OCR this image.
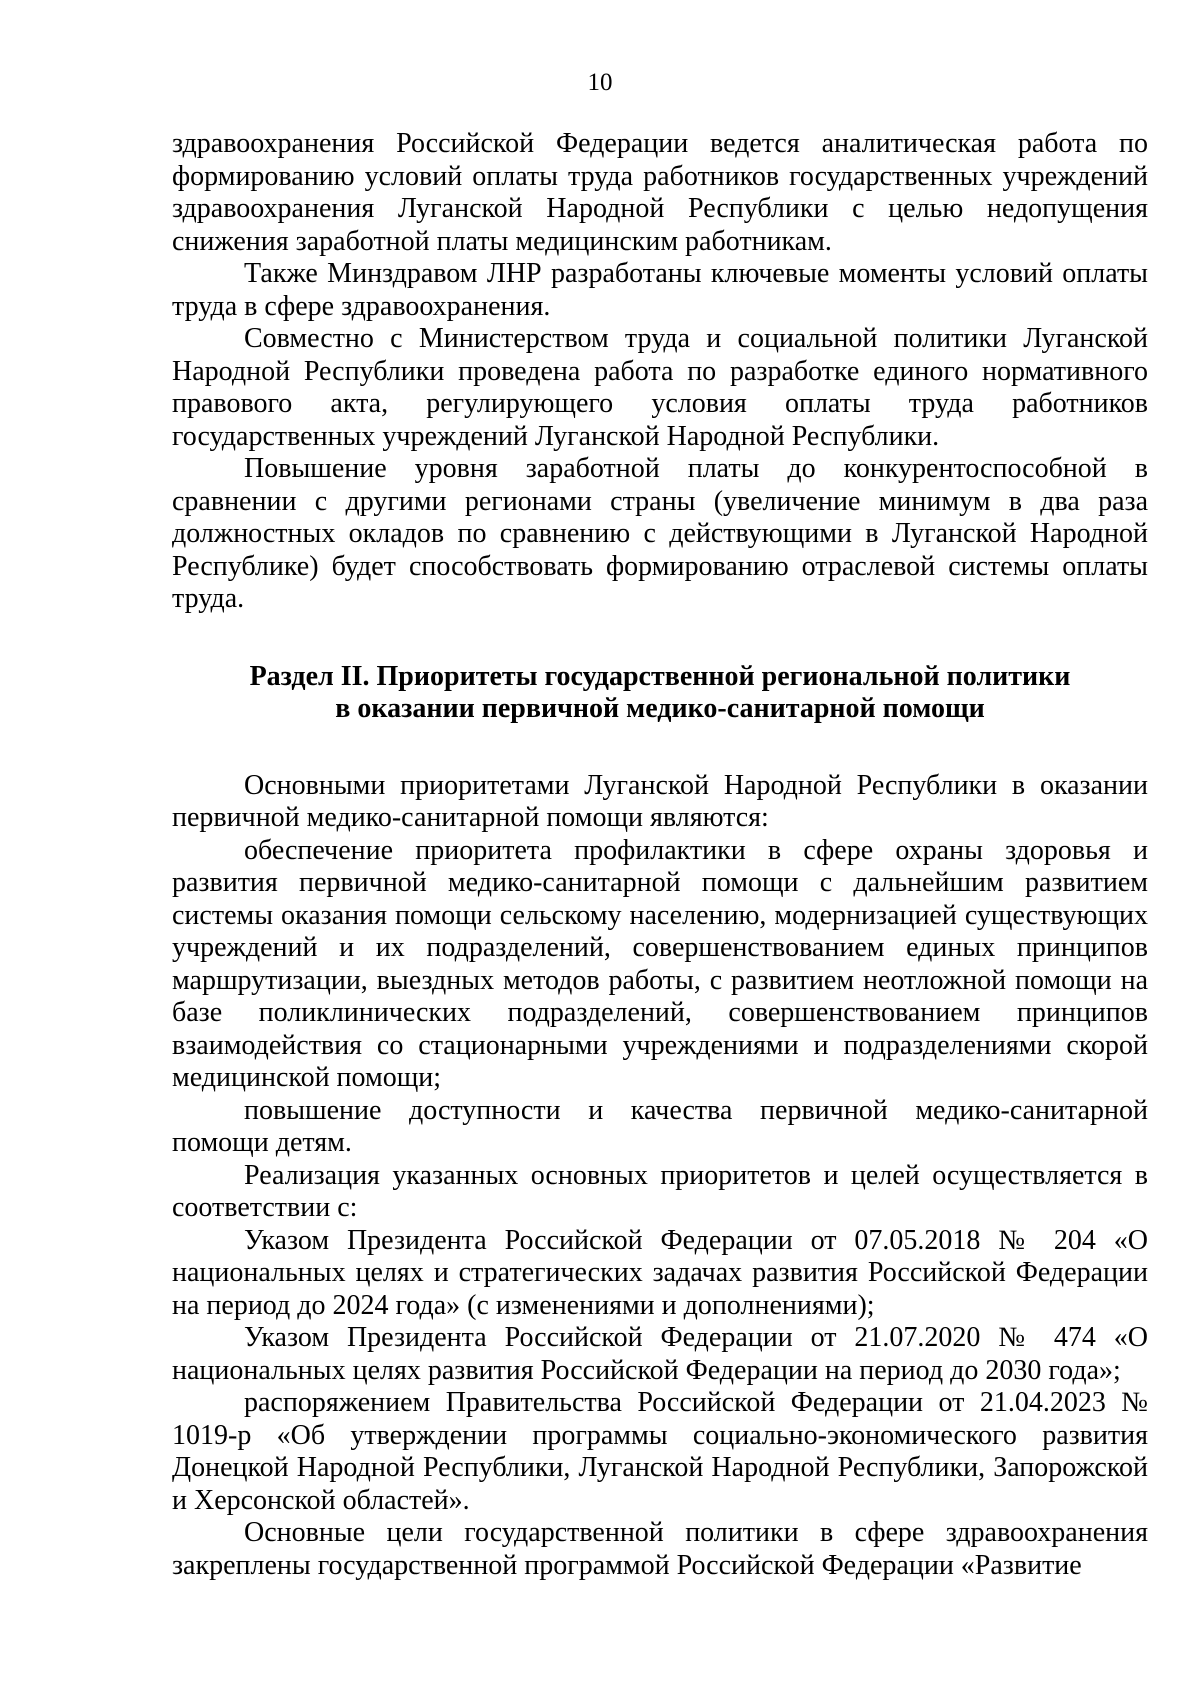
10

здравоохранения Российской Федерации ведется аналитическая работа по формированию условий оплаты труда работников государственных учреждений здравоохранения Луганской Народной Республики с целью недопущения снижения заработной платы медицинским работникам.

Также Минздравом ЛНР разработаны ключевые моменты условий оплаты труда в сфере здравоохранения.

Совместно с Министерством труда и социальной политики Луганской Народной Республики проведена работа по разработке единого нормативного правового акта, регулирующего условия оплаты труда работников государственных учреждений Луганской Народной Республики.

Повышение уровня заработной платы до конкурентоспособной в сравнении с другими регионами страны (увеличение минимум в два раза должностных окладов по сравнению с действующими в Луганской Народной Республике) будет способствовать формированию отраслевой системы оплаты труда.

Раздел II. Приоритеты государственной региональной политики
в оказании первичной медико-санитарной помощи

Основными приоритетами Луганской Народной Республики в оказании первичной медико-санитарной помощи являются:

обеспечение приоритета профилактики в сфере охраны здоровья и развития первичной медико-санитарной помощи с дальнейшим развитием системы оказания помощи сельскому населению, модернизацией существующих учреждений и их подразделений, совершенствованием единых принципов маршрутизации, выездных методов работы, с развитием неотложной помощи на базе поликлинических подразделений, совершенствованием принципов взаимодействия со стационарными учреждениями и подразделениями скорой медицинской помощи;

повышение доступности и качества первичной медико-санитарной помощи детям.

Реализация указанных основных приоритетов и целей осуществляется в соответствии с:

Указом Президента Российской Федерации от 07.05.2018 № 204 «О национальных целях и стратегических задачах развития Российской Федерации на период до 2024 года» (с изменениями и дополнениями);

Указом Президента Российской Федерации от 21.07.2020 № 474 «О национальных целях развития Российской Федерации на период до 2030 года»;

распоряжением Правительства Российской Федерации от 21.04.2023 № 1019-р «Об утверждении программы социально-экономического развития Донецкой Народной Республики, Луганской Народной Республики, Запорожской и Херсонской областей».

Основные цели государственной политики в сфере здравоохранения закреплены государственной программой Российской Федерации «Развитие
